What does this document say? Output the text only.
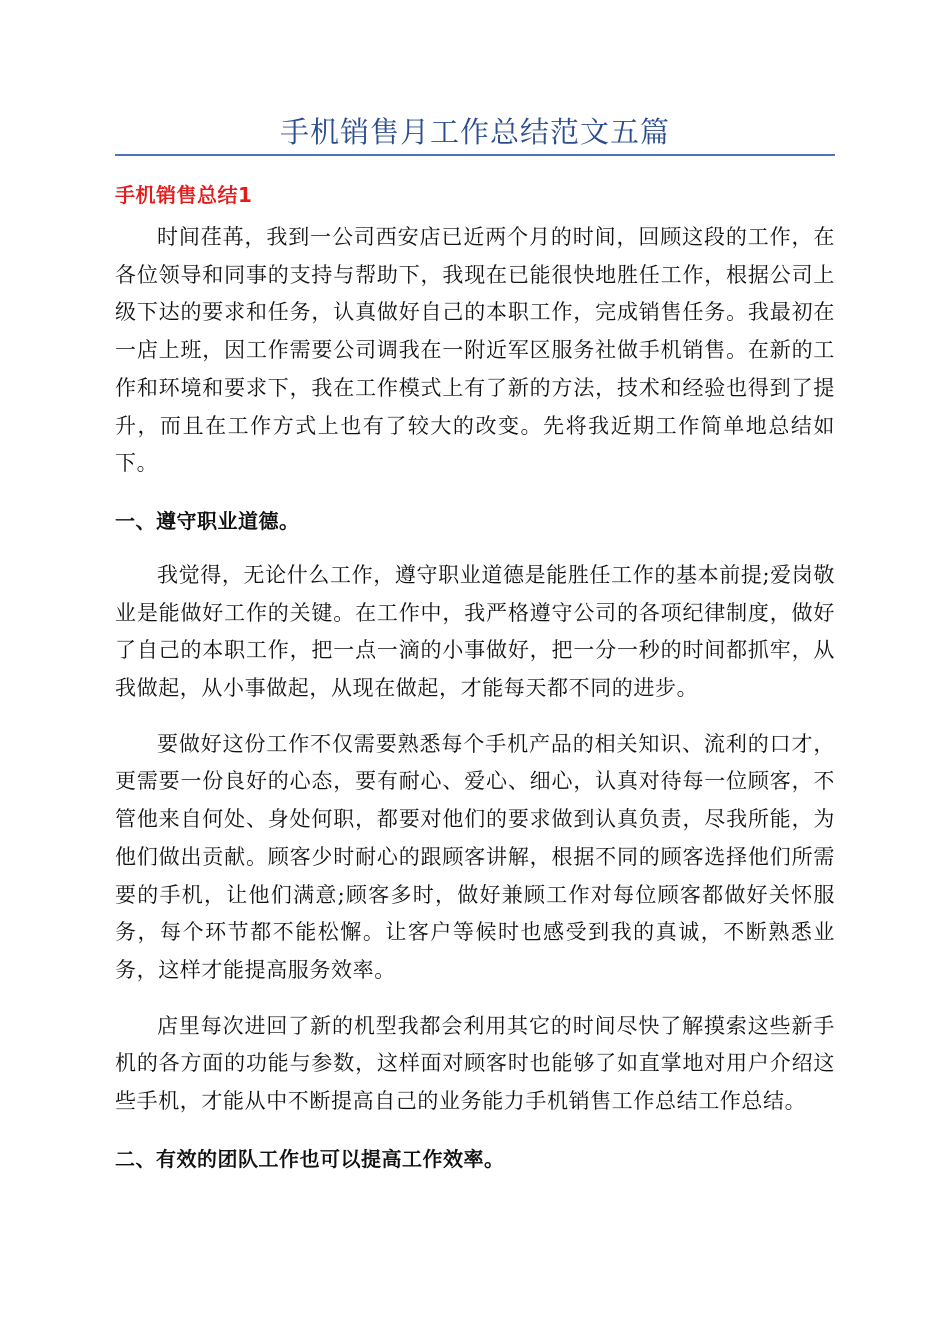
手机销售月工作总结范文五篇
手机销售总结1

时间荏苒，我到一公司西安店已近两个月的时间，回顾这段的工作，在各位领导和同事的支持与帮助下，我现在已能很快地胜任工作，根据公司上级下达的要求和任务，认真做好自己的本职工作，完成销售任务。我最初在一店上班，因工作需要公司调我在一附近军区服务社做手机销售。在新的工作和环境和要求下，我在工作模式上有了新的方法，技术和经验也得到了提升，而且在工作方式上也有了较大的改变。先将我近期工作简单地总结如下。

一、遵守职业道德。

我觉得，无论什么工作，遵守职业道德是能胜任工作的基本前提;爱岗敬业是能做好工作的关键。在工作中，我严格遵守公司的各项纪律制度，做好了自己的本职工作，把一点一滴的小事做好，把一分一秒的时间都抓牢，从我做起，从小事做起，从现在做起，才能每天都不同的进步。

要做好这份工作不仅需要熟悉每个手机产品的相关知识、流利的口才，更需要一份良好的心态，要有耐心、爱心、细心，认真对待每一位顾客，不管他来自何处、身处何职，都要对他们的要求做到认真负责，尽我所能，为他们做出贡献。顾客少时耐心的跟顾客讲解，根据不同的顾客选择他们所需要的手机，让他们满意;顾客多时，做好兼顾工作对每位顾客都做好关怀服务，每个环节都不能松懈。让客户等候时也感受到我的真诚，不断熟悉业务，这样才能提高服务效率。

店里每次进回了新的机型我都会利用其它的时间尽快了解摸索这些新手机的各方面的功能与参数，这样面对顾客时也能够了如直掌地对用户介绍这些手机，才能从中不断提高自己的业务能力手机销售工作总结工作总结。

二、有效的团队工作也可以提高工作效率。
